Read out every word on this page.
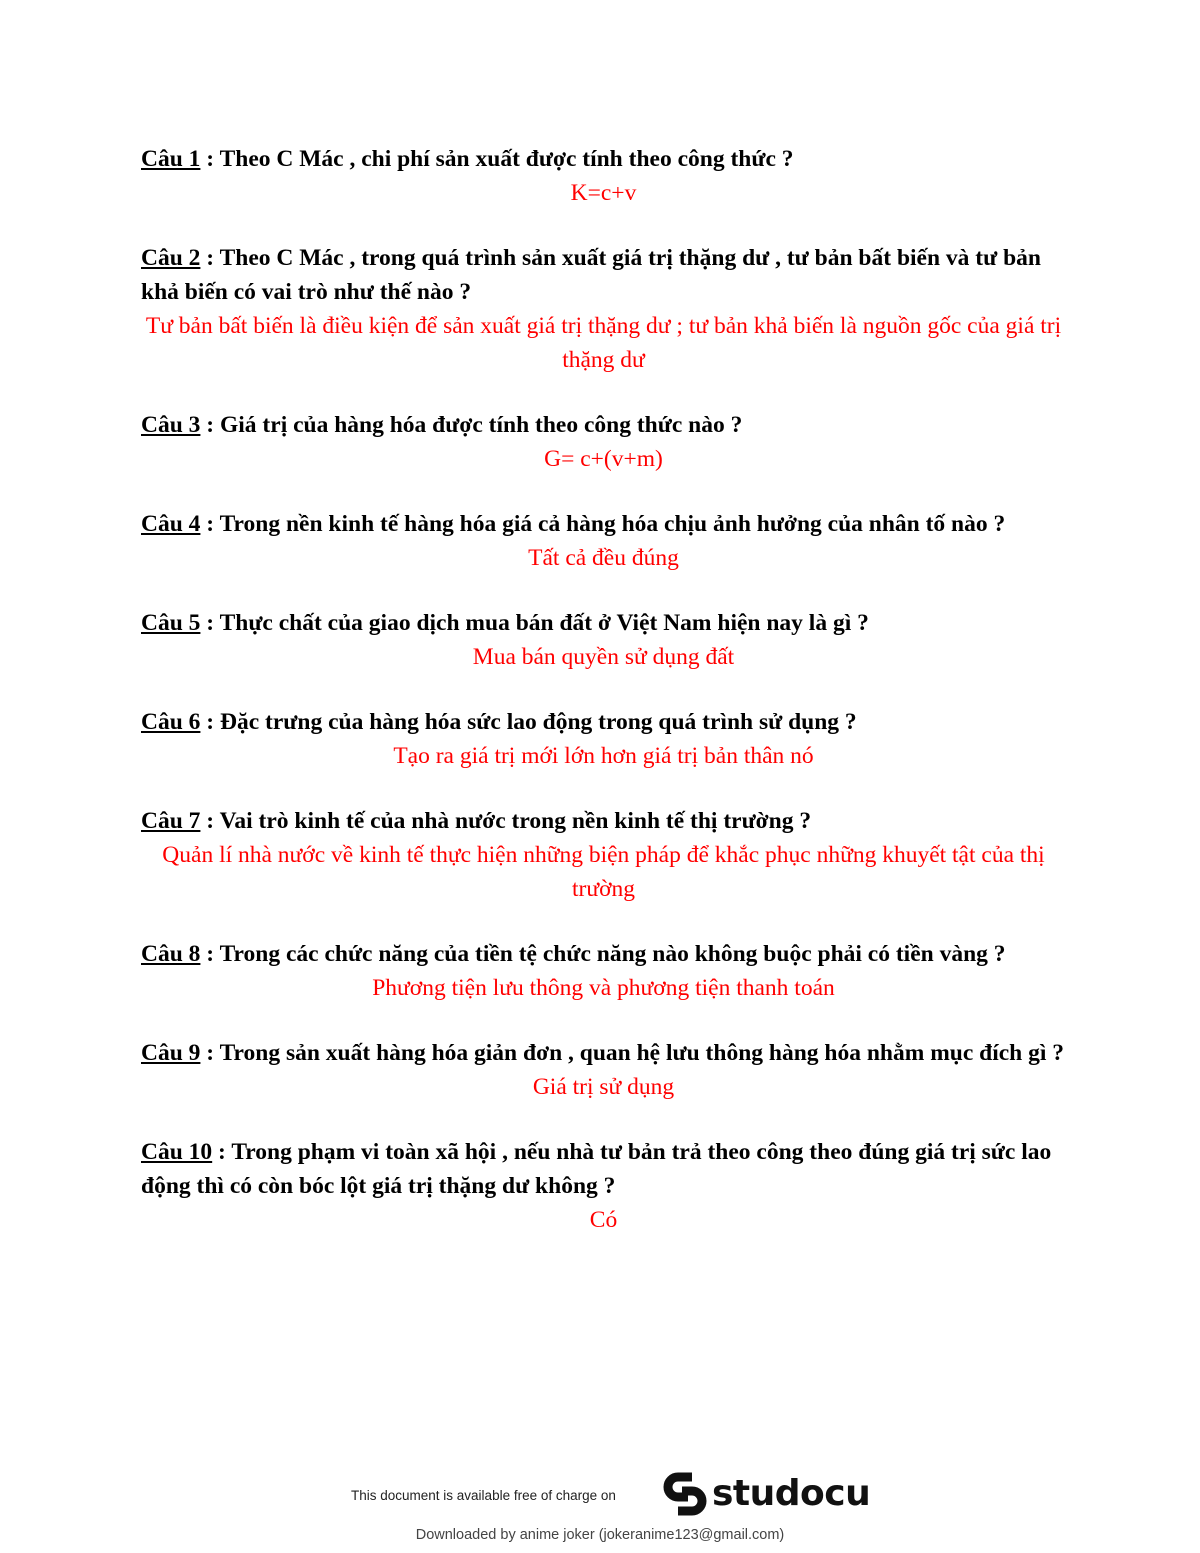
Câu 1 : Theo C Mác , chi phí sản xuất được tính theo công thức ?
K=c+v
Câu 2 : Theo C Mác , trong quá trình sản xuất giá trị thặng dư , tư bản bất biến và tư bản khả biến có vai trò như thế nào ?
Tư bản bất biến là điều kiện để sản xuất giá trị thặng dư ; tư bản khả biến là nguồn gốc của giá trị thặng dư
Câu 3 : Giá trị của hàng hóa được tính theo công thức nào ?
G= c+(v+m)
Câu 4 : Trong nền kinh tế hàng hóa giá cả hàng hóa chịu ảnh hưởng của nhân tố nào ?
Tất cả đều đúng
Câu 5 : Thực chất của giao dịch mua bán đất ở Việt Nam hiện nay là gì ?
Mua bán quyền sử dụng đất
Câu 6 : Đặc trưng của hàng hóa sức lao động trong quá trình sử dụng ?
Tạo ra giá trị mới lớn hơn giá trị bản thân nó
Câu 7 : Vai trò kinh tế của nhà nước trong nền kinh tế thị trường ?
Quản lí nhà nước về kinh tế thực hiện những biện pháp để khắc phục những khuyết tật của thị trường
Câu 8 : Trong các chức năng của tiền tệ chức năng nào không buộc phải có tiền vàng ?
Phương tiện lưu thông và phương tiện thanh toán
Câu 9 : Trong sản xuất hàng hóa giản đơn , quan hệ lưu thông hàng hóa nhằm mục đích gì ?
Giá trị sử dụng
Câu 10 : Trong phạm vi toàn xã hội , nếu nhà tư bản trả theo công theo đúng giá trị sức lao động thì có còn bóc lột giá trị thặng dư không ?
Có
This document is available free of charge on	studocu
Downloaded by anime joker (jokeranime123@gmail.com)
